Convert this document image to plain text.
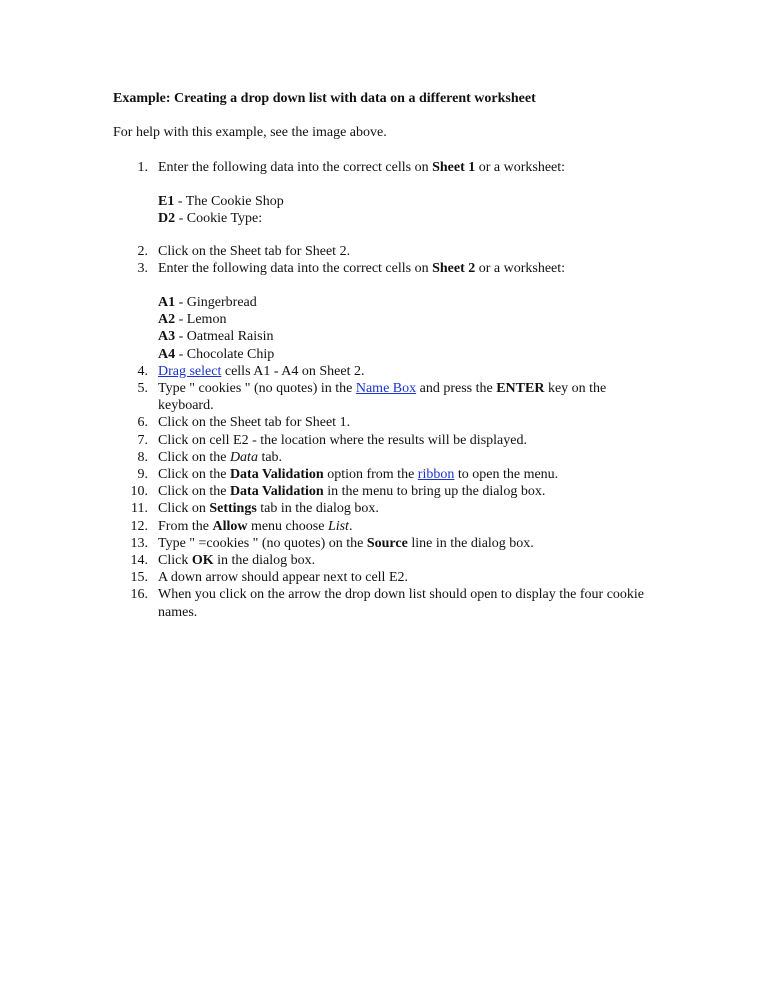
Example: Creating a drop down list with data on a different worksheet
For help with this example, see the image above.
1. Enter the following data into the correct cells on Sheet 1 or a worksheet:
E1 - The Cookie Shop
D2 - Cookie Type:
2. Click on the Sheet tab for Sheet 2.
3. Enter the following data into the correct cells on Sheet 2 or a worksheet:
A1 - Gingerbread
A2 - Lemon
A3 - Oatmeal Raisin
A4 - Chocolate Chip
4. Drag select cells A1 - A4 on Sheet 2.
5. Type " cookies " (no quotes) in the Name Box and press the ENTER key on the keyboard.
6. Click on the Sheet tab for Sheet 1.
7. Click on cell E2 - the location where the results will be displayed.
8. Click on the Data tab.
9. Click on the Data Validation option from the ribbon to open the menu.
10. Click on the Data Validation in the menu to bring up the dialog box.
11. Click on Settings tab in the dialog box.
12. From the Allow menu choose List.
13. Type " =cookies " (no quotes) on the Source line in the dialog box.
14. Click OK in the dialog box.
15. A down arrow should appear next to cell E2.
16. When you click on the arrow the drop down list should open to display the four cookie names.
